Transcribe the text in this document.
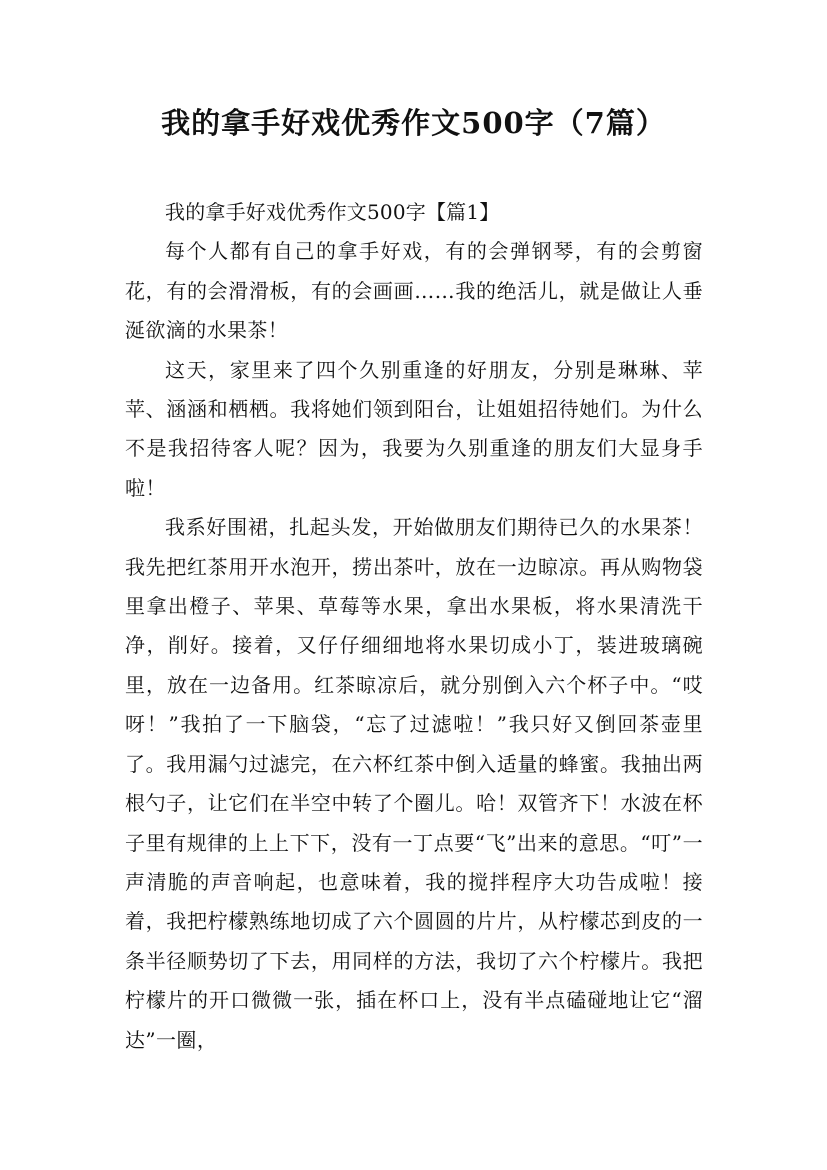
我的拿手好戏优秀作文500字（7篇）

我的拿手好戏优秀作文500字【篇1】

每个人都有自己的拿手好戏，有的会弹钢琴，有的会剪窗花，有的会滑滑板，有的会画画……我的绝活儿，就是做让人垂涎欲滴的水果茶！

这天，家里来了四个久别重逢的好朋友，分别是琳琳、苹苹、涵涵和栖栖。我将她们领到阳台，让姐姐招待她们。为什么不是我招待客人呢？因为，我要为久别重逢的朋友们大显身手啦！

我系好围裙，扎起头发，开始做朋友们期待已久的水果茶！我先把红茶用开水泡开，捞出茶叶，放在一边晾凉。再从购物袋里拿出橙子、苹果、草莓等水果，拿出水果板，将水果清洗干净，削好。接着，又仔仔细细地将水果切成小丁，装进玻璃碗里，放在一边备用。红茶晾凉后，就分别倒入六个杯子中。“哎呀！”我拍了一下脑袋，“忘了过滤啦！”我只好又倒回茶壶里了。我用漏勺过滤完，在六杯红茶中倒入适量的蜂蜜。我抽出两根勺子，让它们在半空中转了个圈儿。哈！双管齐下！水波在杯子里有规律的上上下下，没有一丁点要“飞”出来的意思。“叮”一声清脆的声音响起，也意味着，我的搅拌程序大功告成啦！接着，我把柠檬熟练地切成了六个圆圆的片片，从柠檬芯到皮的一条半径顺势切了下去，用同样的方法，我切了六个柠檬片。我把柠檬片的开口微微一张，插在杯口上，没有半点磕碰地让它“溜达”一圈，
